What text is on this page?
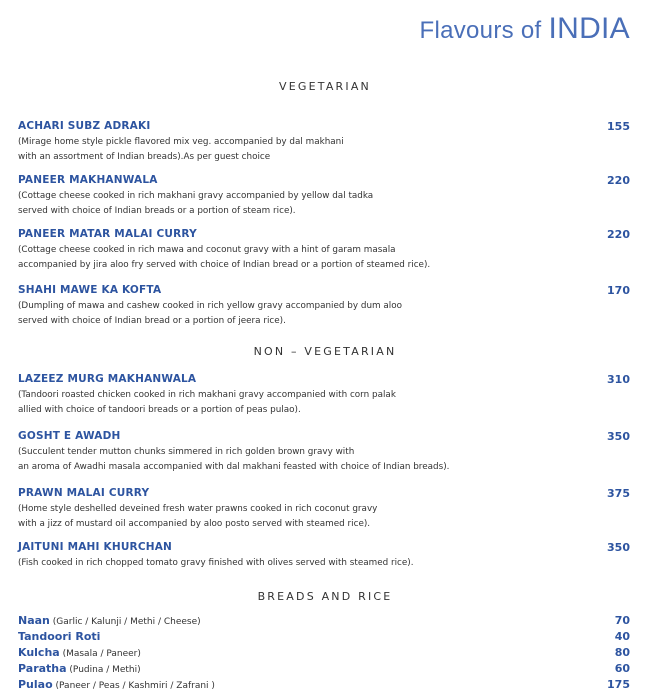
Flavours of INDIA
VEGETARIAN
ACHARI SUBZ ADRAKI	155
(Mirage home style pickle flavored mix veg. accompanied by dal makhani
with an assortment of Indian breads).As per guest choice
PANEER MAKHANWALA	220
(Cottage cheese cooked in rich makhani gravy accompanied by yellow dal tadka
served with choice of Indian breads or a portion of steam rice).
PANEER MATAR MALAI CURRY	220
(Cottage cheese cooked in rich mawa and coconut gravy with a hint of garam masala
accompanied by jira aloo fry served with choice of Indian bread or a portion of steamed rice).
SHAHI MAWE KA KOFTA	170
(Dumpling of mawa and cashew cooked in rich yellow gravy accompanied by dum aloo
served with choice of Indian bread or a portion of jeera rice).
NON – VEGETARIAN
LAZEEZ MURG MAKHANWALA	310
(Tandoori roasted chicken cooked in rich makhani gravy accompanied with corn palak
allied with choice of tandoori breads or a portion of peas pulao).
GOSHT E AWADH	350
(Succulent tender mutton chunks simmered in rich golden brown gravy with
an aroma of Awadhi masala accompanied with dal makhani feasted with choice of Indian breads).
PRAWN MALAI CURRY	375
(Home style deshelled deveined fresh water prawns cooked in rich coconut gravy
with a jizz of mustard oil accompanied by aloo posto served with steamed rice).
JAITUNI MAHI KHURCHAN	350
(Fish cooked in rich chopped tomato gravy finished with olives served with steamed rice).
BREADS AND RICE
Naan (Garlic / Kalunji / Methi / Cheese)	70
Tandoori Roti	40
Kulcha (Masala / Paneer)	80
Paratha (Pudina / Methi)	60
Pulao (Paneer / Peas / Kashmiri / Zafrani )	175
